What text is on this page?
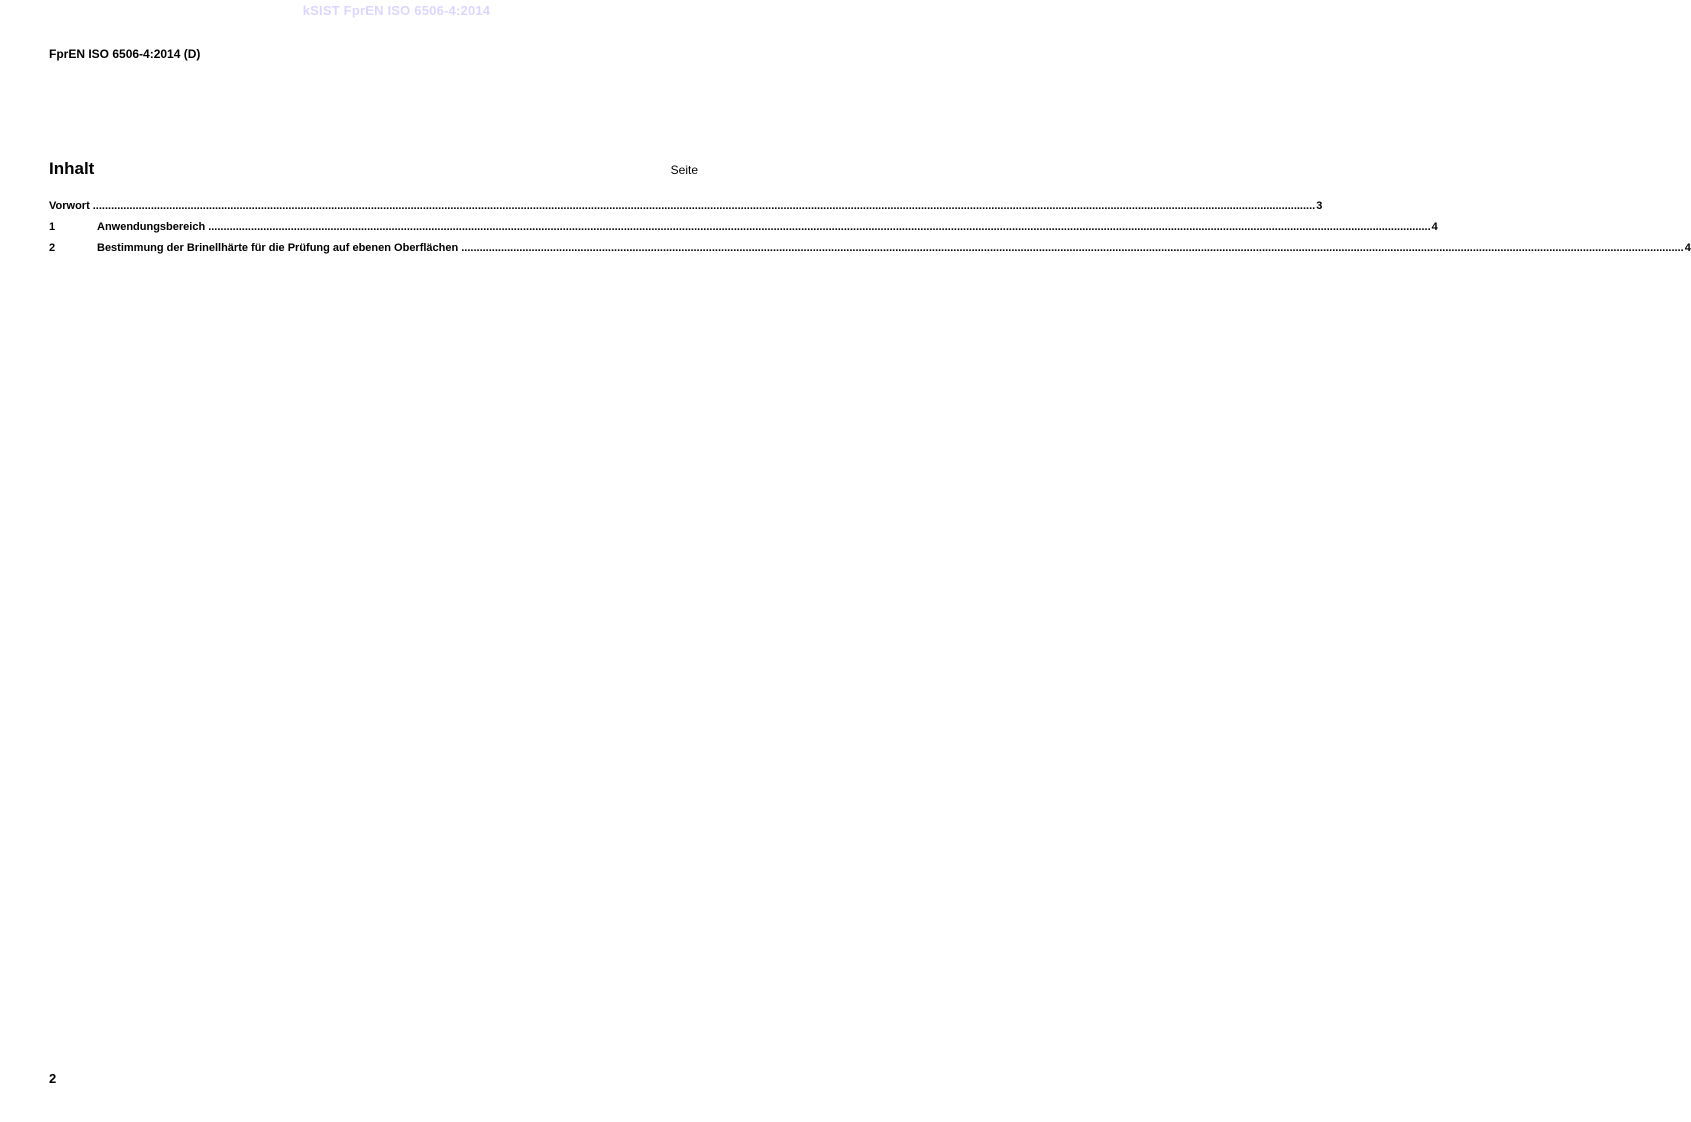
kSIST FprEN ISO 6506-4:2014
FprEN ISO 6506-4:2014 (D)
Inhalt	Seite
Vorwort ................................................................................................................................................................................................................................................................................................................................................................................................................ 3
1	Anwendungsbereich ................................................................................................................................................................................................................................................................................................................................................................................................................ 4
2	Bestimmung der Brinellhärte für die Prüfung auf ebenen Oberflächen ................................................................................................................................................................................................................................................................................................................................................................................................................ 4
2
